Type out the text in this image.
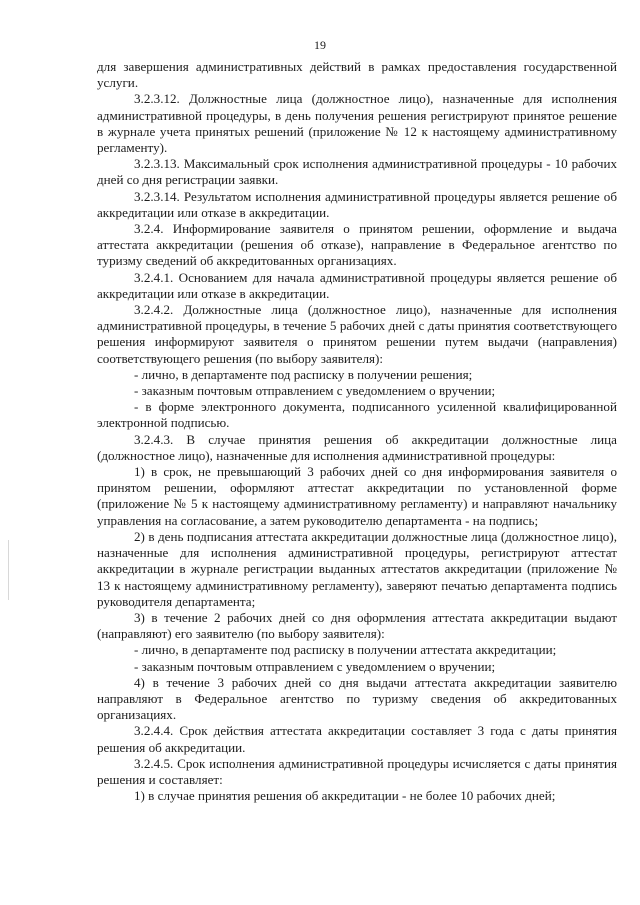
19

для завершения административных действий в рамках предоставления государственной услуги.

3.2.3.12. Должностные лица (должностное лицо), назначенные для исполнения административной процедуры, в день получения решения регистрируют принятое решение в журнале учета принятых решений (приложение № 12 к настоящему административному регламенту).

3.2.3.13. Максимальный срок исполнения административной процедуры - 10 рабочих дней со дня регистрации заявки.

3.2.3.14. Результатом исполнения административной процедуры является решение об аккредитации или отказе в аккредитации.

3.2.4. Информирование заявителя о принятом решении, оформление и выдача аттестата аккредитации (решения об отказе), направление в Федеральное агентство по туризму сведений об аккредитованных организациях.

3.2.4.1. Основанием для начала административной процедуры является решение об аккредитации или отказе в аккредитации.

3.2.4.2. Должностные лица (должностное лицо), назначенные для исполнения административной процедуры, в течение 5 рабочих дней с даты принятия соответствующего решения информируют заявителя о принятом решении путем выдачи (направления) соответствующего решения (по выбору заявителя):

- лично, в департаменте под расписку в получении решения;

- заказным почтовым отправлением с уведомлением о вручении;

- в форме электронного документа, подписанного усиленной квалифицированной электронной подписью.

3.2.4.3. В случае принятия решения об аккредитации должностные лица (должностное лицо), назначенные для исполнения административной процедуры:

1) в срок, не превышающий 3 рабочих дней со дня информирования заявителя о принятом решении, оформляют аттестат аккредитации по установленной форме (приложение № 5 к настоящему административному регламенту) и направляют начальнику управления на согласование, а затем руководителю департамента - на подпись;

2) в день подписания аттестата аккредитации должностные лица (должностное лицо), назначенные для исполнения административной процедуры, регистрируют аттестат аккредитации в журнале регистрации выданных аттестатов аккредитации (приложение № 13 к настоящему административному регламенту), заверяют печатью департамента подпись руководителя департамента;

3) в течение 2 рабочих дней со дня оформления аттестата аккредитации выдают (направляют) его заявителю (по выбору заявителя):

- лично, в департаменте под расписку в получении аттестата аккредитации;

- заказным почтовым отправлением с уведомлением о вручении;

4) в течение 3 рабочих дней со дня выдачи аттестата аккредитации заявителю направляют в Федеральное агентство по туризму сведения об аккредитованных организациях.

3.2.4.4. Срок действия аттестата аккредитации составляет 3 года с даты принятия решения об аккредитации.

3.2.4.5. Срок исполнения административной процедуры исчисляется с даты принятия решения и составляет:

1) в случае принятия решения об аккредитации - не более 10 рабочих дней;
